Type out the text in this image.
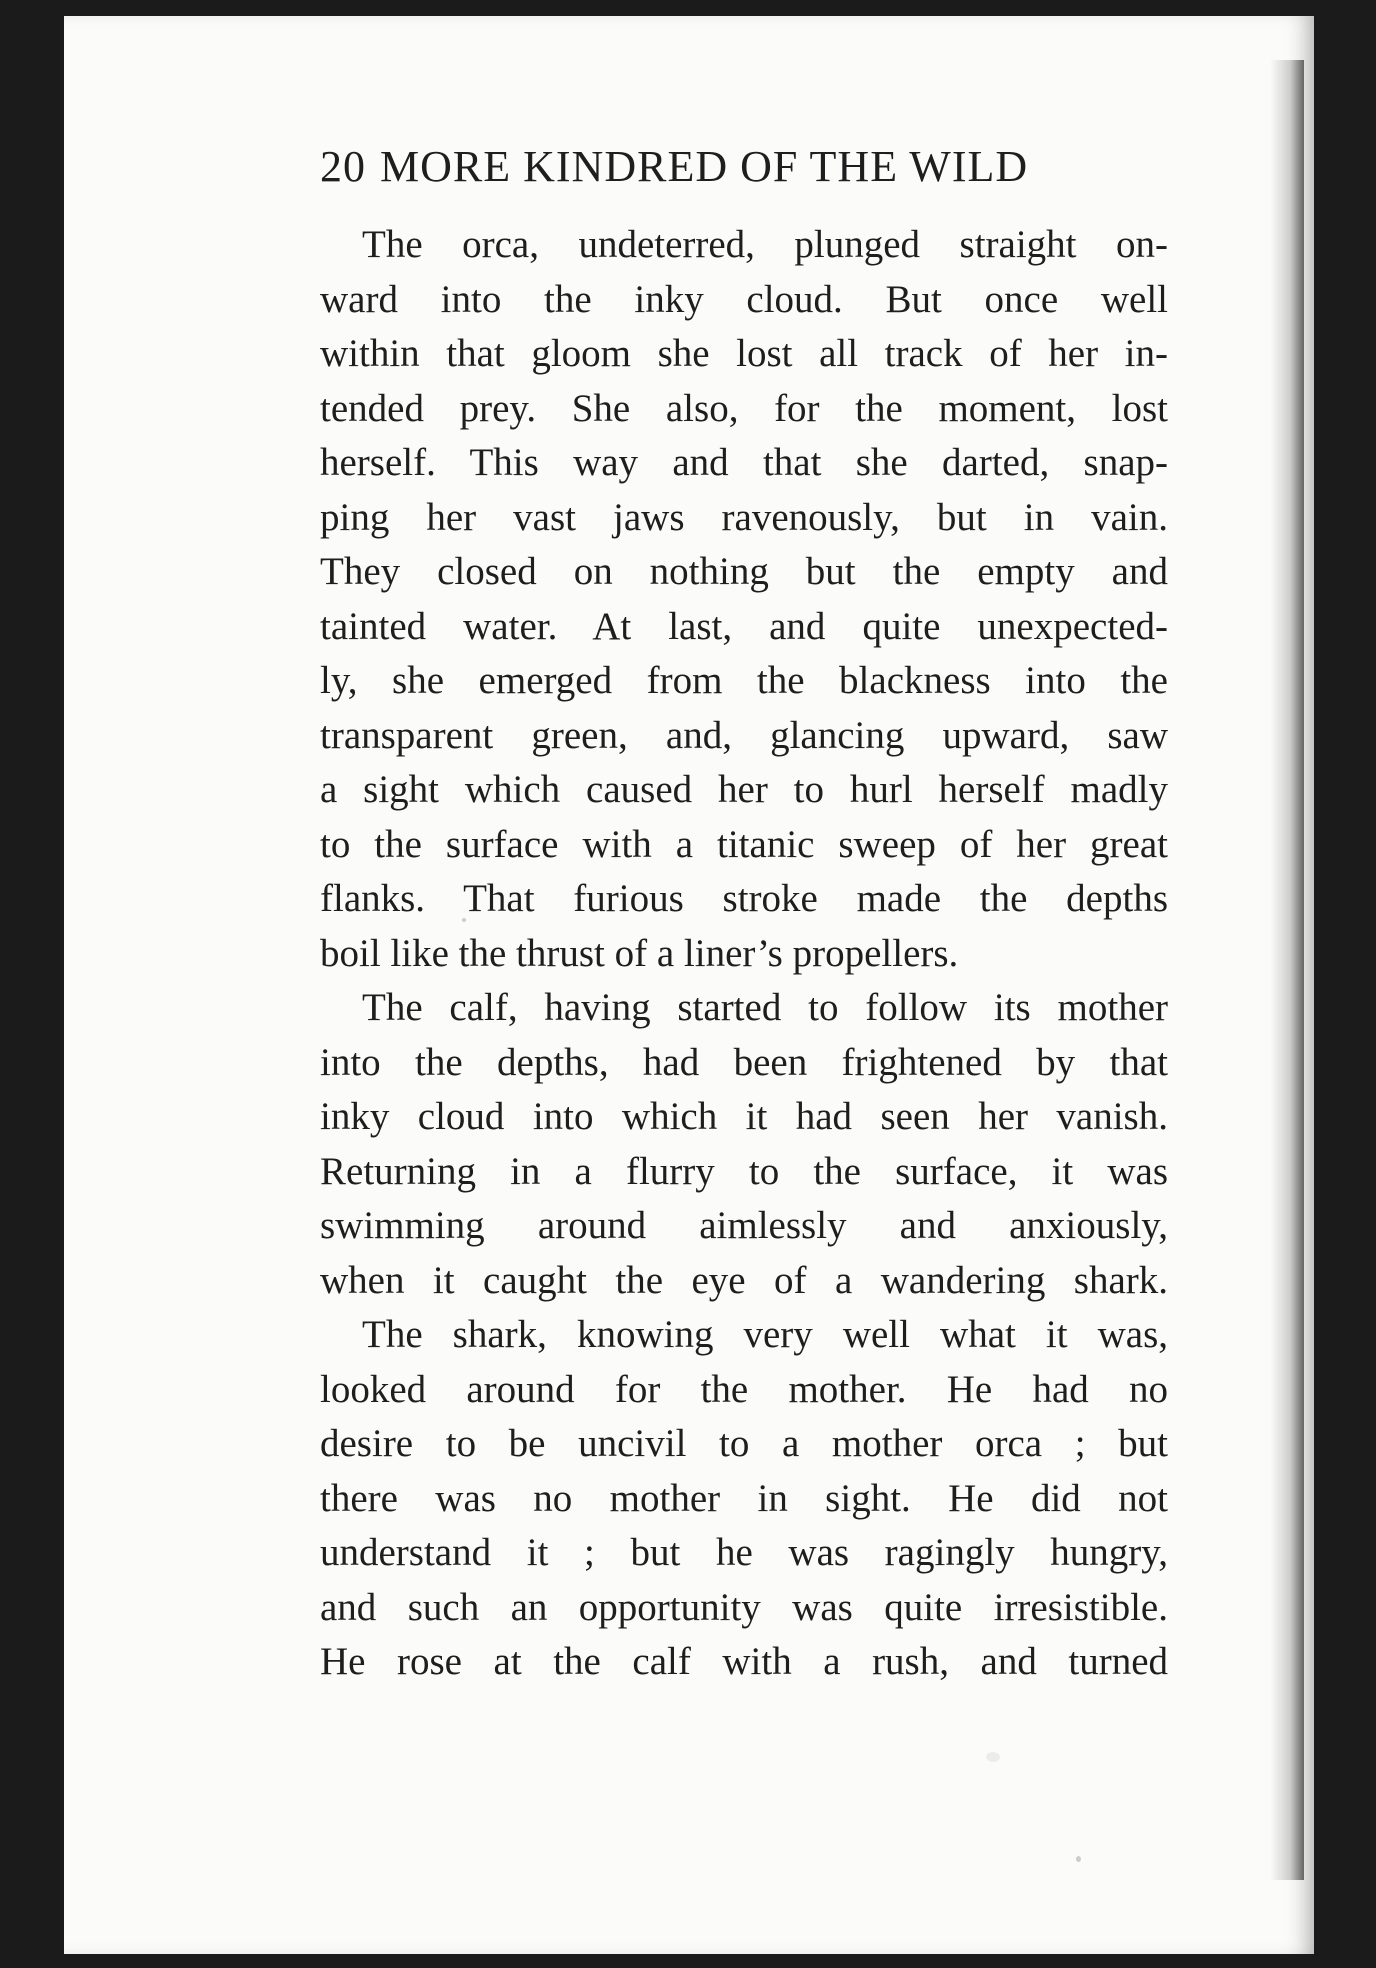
20 MORE KINDRED OF THE WILD
The orca, undeterred, plunged straight on-
ward into the inky cloud. But once well
within that gloom she lost all track of her in-
tended prey. She also, for the moment, lost
herself. This way and that she darted, snap-
ping her vast jaws ravenously, but in vain.
They closed on nothing but the empty and
tainted water. At last, and quite unexpected-
ly, she emerged from the blackness into the
transparent green, and, glancing upward, saw
a sight which caused her to hurl herself madly
to the surface with a titanic sweep of her great
flanks. That furious stroke made the depths
boil like the thrust of a liner’s propellers.
The calf, having started to follow its mother
into the depths, had been frightened by that
inky cloud into which it had seen her vanish.
Returning in a flurry to the surface, it was
swimming around aimlessly and anxiously,
when it caught the eye of a wandering shark.
The shark, knowing very well what it was,
looked around for the mother. He had no
desire to be uncivil to a mother orca ; but
there was no mother in sight. He did not
understand it ; but he was ragingly hungry,
and such an opportunity was quite irresistible.
He rose at the calf with a rush, and turned
